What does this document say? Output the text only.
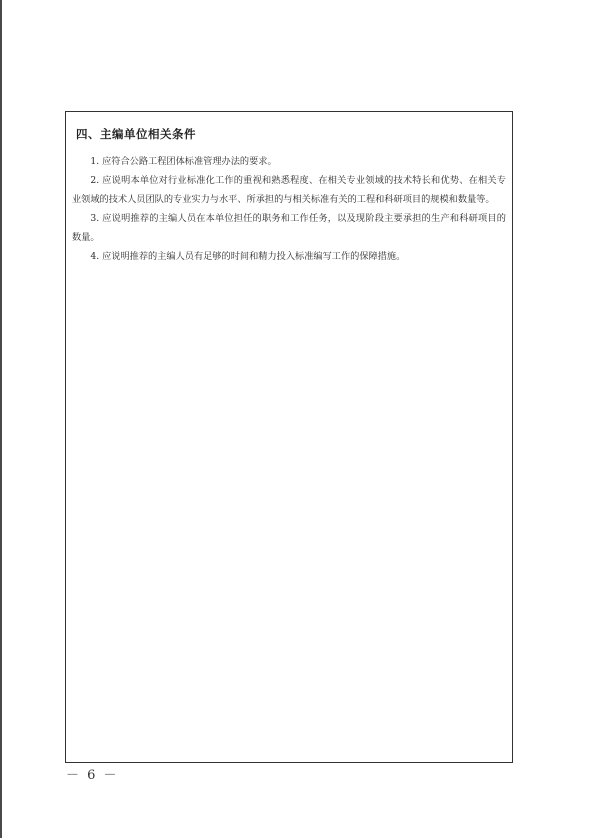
四、主编单位相关条件

1. 应符合公路工程团体标准管理办法的要求。

2. 应说明本单位对行业标准化工作的重视和熟悉程度、在相关专业领域的技术特长和优势、在相关专业领域的技术人员团队的专业实力与水平、所承担的与相关标准有关的工程和科研项目的规模和数量等。

3. 应说明推荐的主编人员在本单位担任的职务和工作任务，以及现阶段主要承担的生产和科研项目的数量。

4. 应说明推荐的主编人员有足够的时间和精力投入标准编写工作的保障措施。

－ 6 －
